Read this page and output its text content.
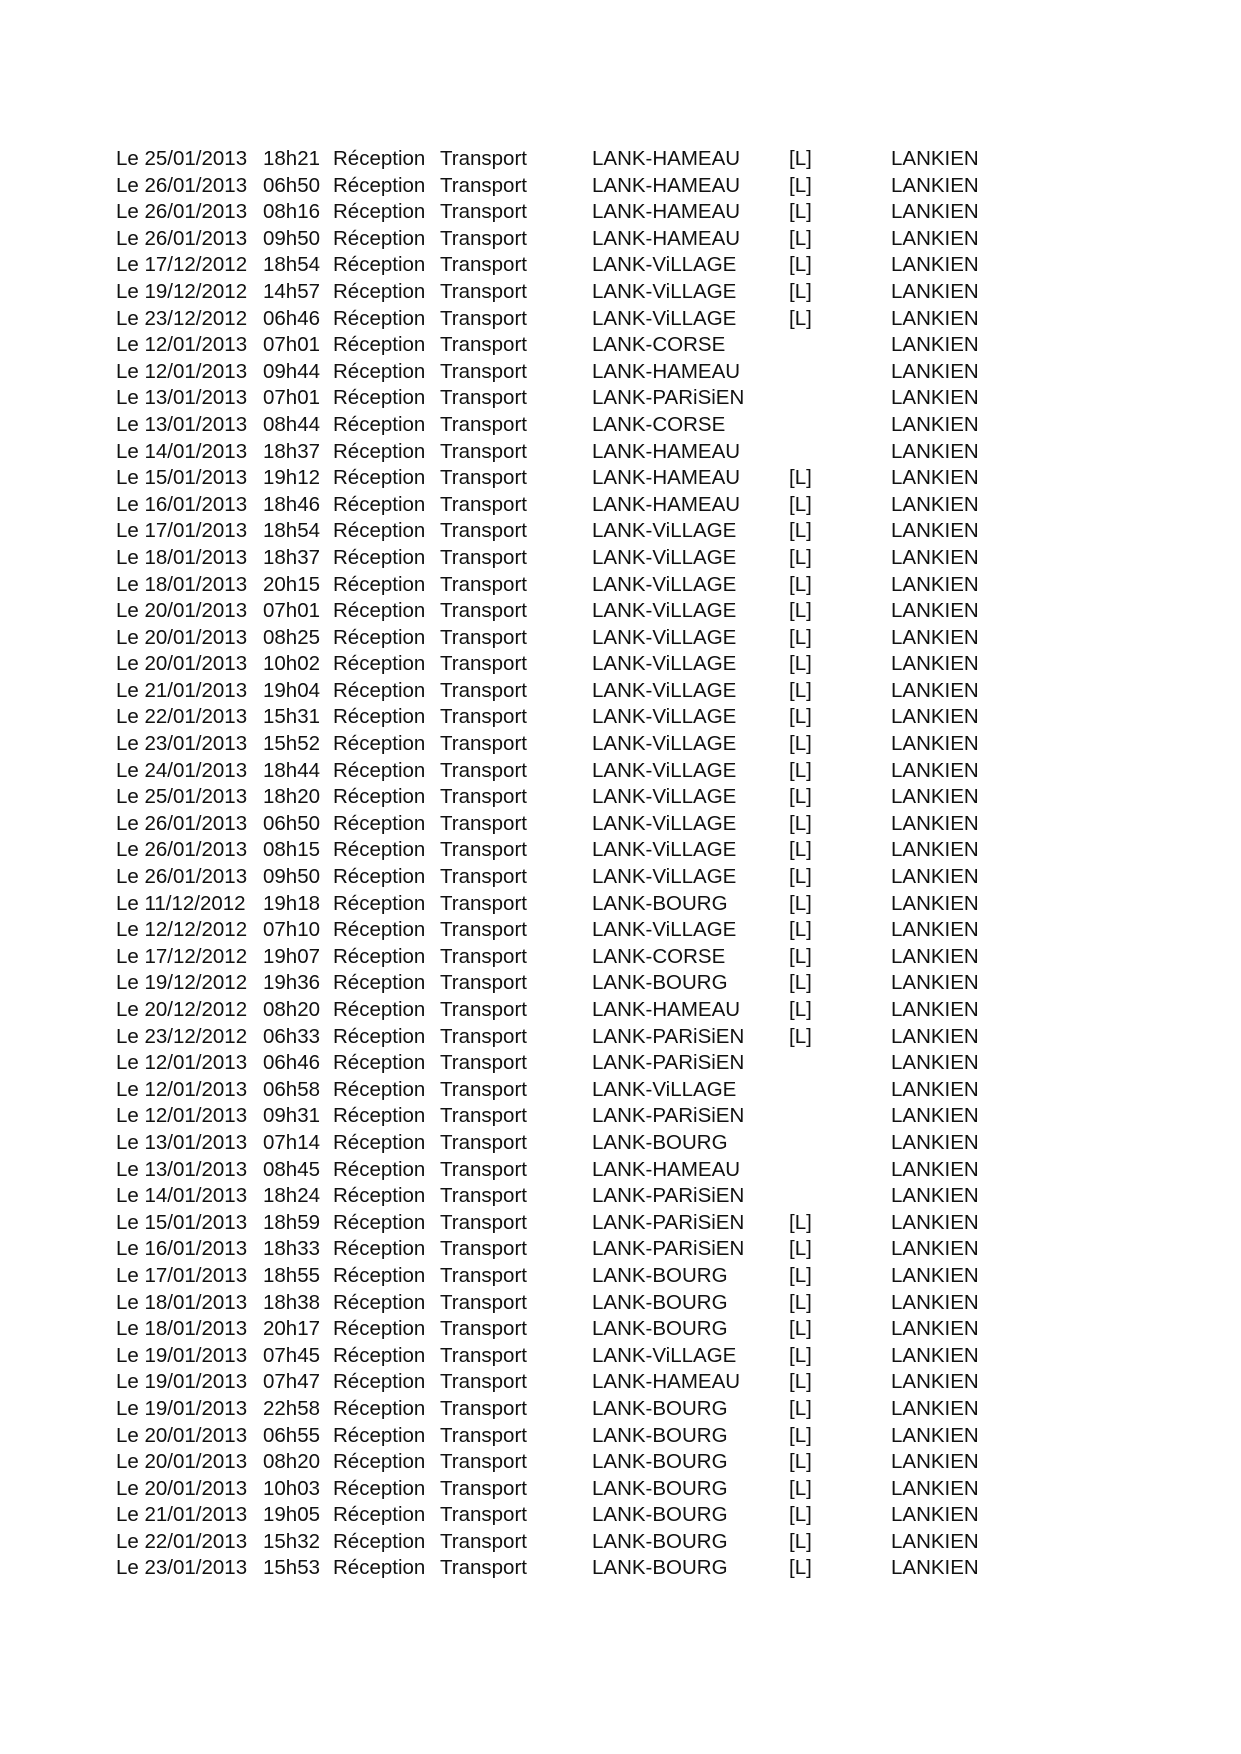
Le 25/01/2013 18h21 Réception Transport	LANK-HAMEAU [L]	LANKIEN
Le 26/01/2013 06h50 Réception Transport	LANK-HAMEAU [L]	LANKIEN
Le 26/01/2013 08h16 Réception Transport	LANK-HAMEAU [L]	LANKIEN
Le 26/01/2013 09h50 Réception Transport	LANK-HAMEAU [L]	LANKIEN
Le 17/12/2012 18h54 Réception Transport	LANK-ViLLAGE	[L]	LANKIEN
Le 19/12/2012 14h57 Réception Transport	LANK-ViLLAGE	[L]	LANKIEN
Le 23/12/2012 06h46 Réception Transport	LANK-ViLLAGE	[L]	LANKIEN
Le 12/01/2013 07h01 Réception Transport	LANK-CORSE	LANKIEN
Le 12/01/2013 09h44 Réception Transport	LANK-HAMEAU	LANKIEN
Le 13/01/2013 07h01 Réception Transport	LANK-PARiSiEN	LANKIEN
Le 13/01/2013 08h44 Réception Transport	LANK-CORSE	LANKIEN
Le 14/01/2013 18h37 Réception Transport	LANK-HAMEAU	LANKIEN
Le 15/01/2013 19h12 Réception Transport	LANK-HAMEAU [L]	LANKIEN
Le 16/01/2013 18h46 Réception Transport	LANK-HAMEAU [L]	LANKIEN
Le 17/01/2013 18h54 Réception Transport	LANK-ViLLAGE	[L]	LANKIEN
Le 18/01/2013 18h37 Réception Transport	LANK-ViLLAGE	[L]	LANKIEN
Le 18/01/2013 20h15 Réception Transport	LANK-ViLLAGE	[L]	LANKIEN
Le 20/01/2013 07h01 Réception Transport	LANK-ViLLAGE	[L]	LANKIEN
Le 20/01/2013 08h25 Réception Transport	LANK-ViLLAGE	[L]	LANKIEN
Le 20/01/2013 10h02 Réception Transport	LANK-ViLLAGE	[L]	LANKIEN
Le 21/01/2013 19h04 Réception Transport	LANK-ViLLAGE	[L]	LANKIEN
Le 22/01/2013 15h31 Réception Transport	LANK-ViLLAGE	[L]	LANKIEN
Le 23/01/2013 15h52 Réception Transport	LANK-ViLLAGE	[L]	LANKIEN
Le 24/01/2013 18h44 Réception Transport	LANK-ViLLAGE	[L]	LANKIEN
Le 25/01/2013 18h20 Réception Transport	LANK-ViLLAGE	[L]	LANKIEN
Le 26/01/2013 06h50 Réception Transport	LANK-ViLLAGE	[L]	LANKIEN
Le 26/01/2013 08h15 Réception Transport	LANK-ViLLAGE	[L]	LANKIEN
Le 26/01/2013 09h50 Réception Transport	LANK-ViLLAGE	[L]	LANKIEN
Le 11/12/2012 19h18 Réception Transport	LANK-BOURG	[L]	LANKIEN
Le 12/12/2012 07h10 Réception Transport	LANK-ViLLAGE	[L]	LANKIEN
Le 17/12/2012 19h07 Réception Transport	LANK-CORSE	[L]	LANKIEN
Le 19/12/2012 19h36 Réception Transport	LANK-BOURG	[L]	LANKIEN
Le 20/12/2012 08h20 Réception Transport	LANK-HAMEAU [L]	LANKIEN
Le 23/12/2012 06h33 Réception Transport	LANK-PARiSiEN [L]	LANKIEN
Le 12/01/2013 06h46 Réception Transport	LANK-PARiSiEN	LANKIEN
Le 12/01/2013 06h58 Réception Transport	LANK-ViLLAGE	LANKIEN
Le 12/01/2013 09h31 Réception Transport	LANK-PARiSiEN	LANKIEN
Le 13/01/2013 07h14 Réception Transport	LANK-BOURG	LANKIEN
Le 13/01/2013 08h45 Réception Transport	LANK-HAMEAU	LANKIEN
Le 14/01/2013 18h24 Réception Transport	LANK-PARiSiEN	LANKIEN
Le 15/01/2013 18h59 Réception Transport	LANK-PARiSiEN [L]	LANKIEN
Le 16/01/2013 18h33 Réception Transport	LANK-PARiSiEN [L]	LANKIEN
Le 17/01/2013 18h55 Réception Transport	LANK-BOURG	[L]	LANKIEN
Le 18/01/2013 18h38 Réception Transport	LANK-BOURG	[L]	LANKIEN
Le 18/01/2013 20h17 Réception Transport	LANK-BOURG	[L]	LANKIEN
Le 19/01/2013 07h45 Réception Transport	LANK-ViLLAGE	[L]	LANKIEN
Le 19/01/2013 07h47 Réception Transport	LANK-HAMEAU [L]	LANKIEN
Le 19/01/2013 22h58 Réception Transport	LANK-BOURG	[L]	LANKIEN
Le 20/01/2013 06h55 Réception Transport	LANK-BOURG	[L]	LANKIEN
Le 20/01/2013 08h20 Réception Transport	LANK-BOURG	[L]	LANKIEN
Le 20/01/2013 10h03 Réception Transport	LANK-BOURG	[L]	LANKIEN
Le 21/01/2013 19h05 Réception Transport	LANK-BOURG	[L]	LANKIEN
Le 22/01/2013 15h32 Réception Transport	LANK-BOURG	[L]	LANKIEN
Le 23/01/2013 15h53 Réception Transport	LANK-BOURG	[L]	LANKIEN
